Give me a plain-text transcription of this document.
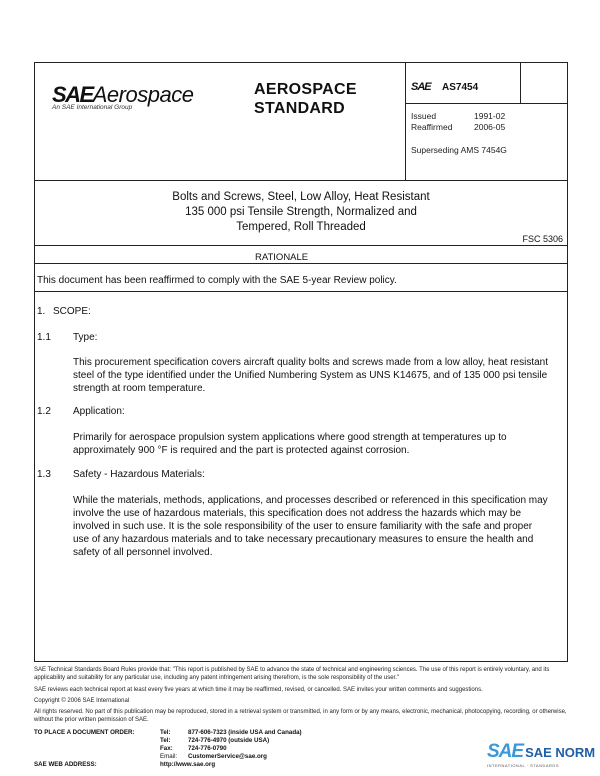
SAEAerospace
An SAE International Group
AEROSPACE
STANDARD
SAE AS7454
Issued	1991-02
Reaffirmed	2006-05
Superseding AMS 7454G
Bolts and Screws, Steel, Low Alloy, Heat Resistant
135 000 psi Tensile Strength, Normalized and
Tempered, Roll Threaded
FSC 5306
RATIONALE
This document has been reaffirmed to comply with the SAE 5-year Review policy.
1. SCOPE:
1.1 Type:
This procurement specification covers aircraft quality bolts and screws made from a low alloy, heat resistant steel of the type identified under the Unified Numbering System as UNS K14675, and of 135 000 psi tensile strength at room temperature.
1.2 Application:
Primarily for aerospace propulsion system applications where good strength at temperatures up to approximately 900 °F is required and the part is protected against corrosion.
1.3 Safety - Hazardous Materials:
While the materials, methods, applications, and processes described or referenced in this specification may involve the use of hazardous materials, this specification does not address the hazards which may be involved in such use. It is the sole responsibility of the user to ensure familiarity with the safe and proper use of any hazardous materials and to take necessary precautionary measures to ensure the health and safety of all personnel involved.
SAE Technical Standards Board Rules provide that: "This report is published by SAE to advance the state of technical and engineering sciences. The use of this report is entirely voluntary, and its applicability and suitability for any particular use, including any patent infringement arising therefrom, is the sole responsibility of the user."
SAE reviews each technical report at least every five years at which time it may be reaffirmed, revised, or cancelled. SAE invites your written comments and suggestions.
Copyright © 2006 SAE International
All rights reserved. No part of this publication may be reproduced, stored in a retrieval system or transmitted, in any form or by any means, electronic, mechanical, photocopying, recording, or otherwise, without the prior written permission of SAE.
TO PLACE A DOCUMENT ORDER:	Tel:	877-606-7323 (inside USA and Canada)
Tel:	724-776-4970 (outside USA)
Fax: 724-776-0790
Email: CustomerService@sae.org
SAE WEB ADDRESS:	http://www.sae.org
SAE SAE NORM
INTERNATIONAL · STANDARDS
